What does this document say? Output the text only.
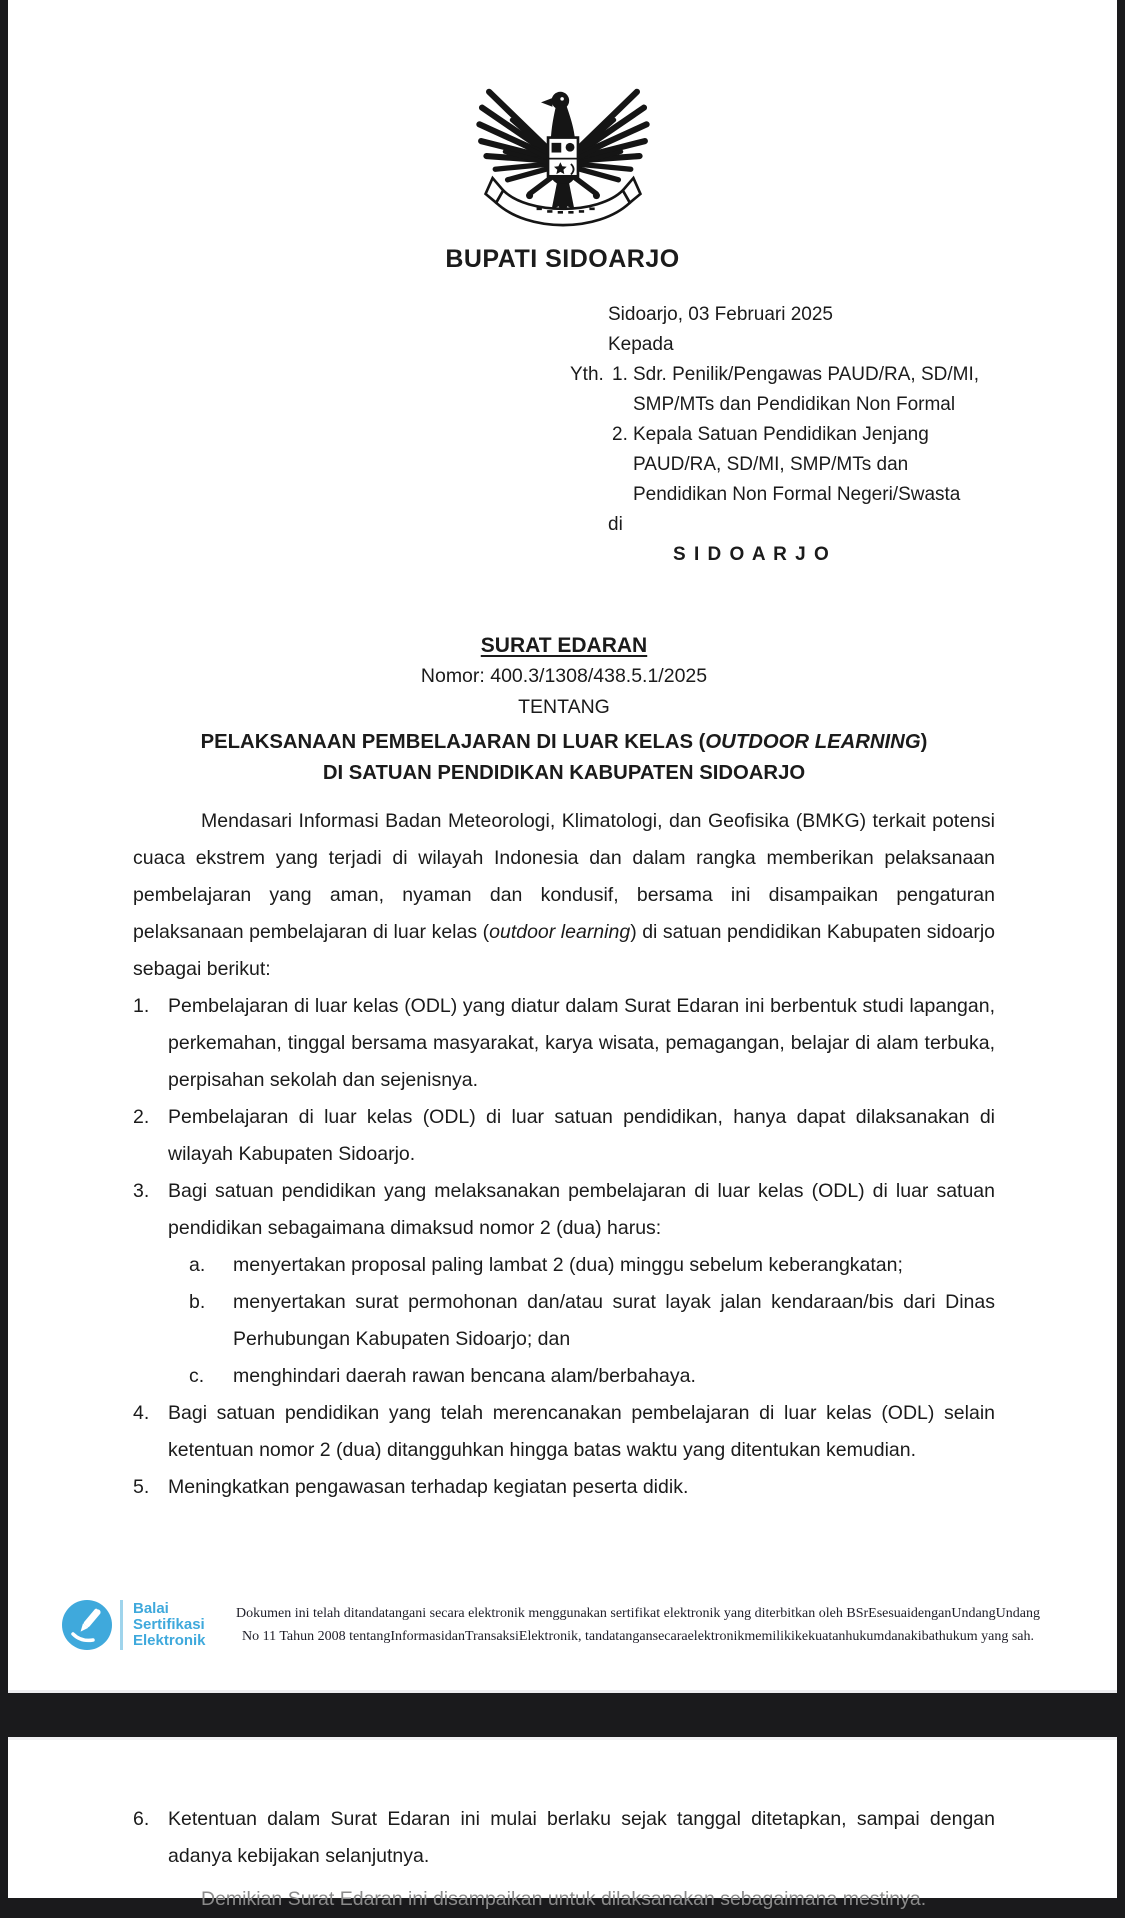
BUPATI SIDOARJO
Sidoarjo, 03 Februari 2025
Kepada
Yth. 1. Sdr. Penilik/Pengawas PAUD/RA, SD/MI, SMP/MTs dan Pendidikan Non Formal
2. Kepala Satuan Pendidikan Jenjang PAUD/RA, SD/MI, SMP/MTs dan Pendidikan Non Formal Negeri/Swasta
di
S I D O A R J O
SURAT EDARAN
Nomor: 400.3/1308/438.5.1/2025
TENTANG
PELAKSANAAN PEMBELAJARAN DI LUAR KELAS (OUTDOOR LEARNING)
DI SATUAN PENDIDIKAN KABUPATEN SIDOARJO

Mendasari Informasi Badan Meteorologi, Klimatologi, dan Geofisika (BMKG) terkait potensi cuaca ekstrem yang terjadi di wilayah Indonesia dan dalam rangka memberikan pelaksanaan pembelajaran yang aman, nyaman dan kondusif, bersama ini disampaikan pengaturan pelaksanaan pembelajaran di luar kelas (outdoor learning) di satuan pendidikan Kabupaten sidoarjo sebagai berikut:

1. Pembelajaran di luar kelas (ODL) yang diatur dalam Surat Edaran ini berbentuk studi lapangan, perkemahan, tinggal bersama masyarakat, karya wisata, pemagangan, belajar di alam terbuka, perpisahan sekolah dan sejenisnya.
2. Pembelajaran di luar kelas (ODL) di luar satuan pendidikan, hanya dapat dilaksanakan di wilayah Kabupaten Sidoarjo.
3. Bagi satuan pendidikan yang melaksanakan pembelajaran di luar kelas (ODL) di luar satuan pendidikan sebagaimana dimaksud nomor 2 (dua) harus:
a. menyertakan proposal paling lambat 2 (dua) minggu sebelum keberangkatan;
b. menyertakan surat permohonan dan/atau surat layak jalan kendaraan/bis dari Dinas Perhubungan Kabupaten Sidoarjo; dan
c. menghindari daerah rawan bencana alam/berbahaya.
4. Bagi satuan pendidikan yang telah merencanakan pembelajaran di luar kelas (ODL) selain ketentuan nomor 2 (dua) ditangguhkan hingga batas waktu yang ditentukan kemudian.
5. Meningkatkan pengawasan terhadap kegiatan peserta didik.
Balai
Sertifikasi
Elektronik
Dokumen ini telah ditandatangani secara elektronik menggunakan sertifikat elektronik yang diterbitkan oleh BSrEsesuaidenganUndangUndang
No 11 Tahun 2008 tentangInformasidanTransaksiElektronik, tandatangansecaraelektronikmemilikikekuatanhukumdanakibathukum yang sah.
6. Ketentuan dalam Surat Edaran ini mulai berlaku sejak tanggal ditetapkan, sampai dengan adanya kebijakan selanjutnya.

Demikian Surat Edaran ini disampaikan untuk dilaksanakan sebagaimana mestinya.
